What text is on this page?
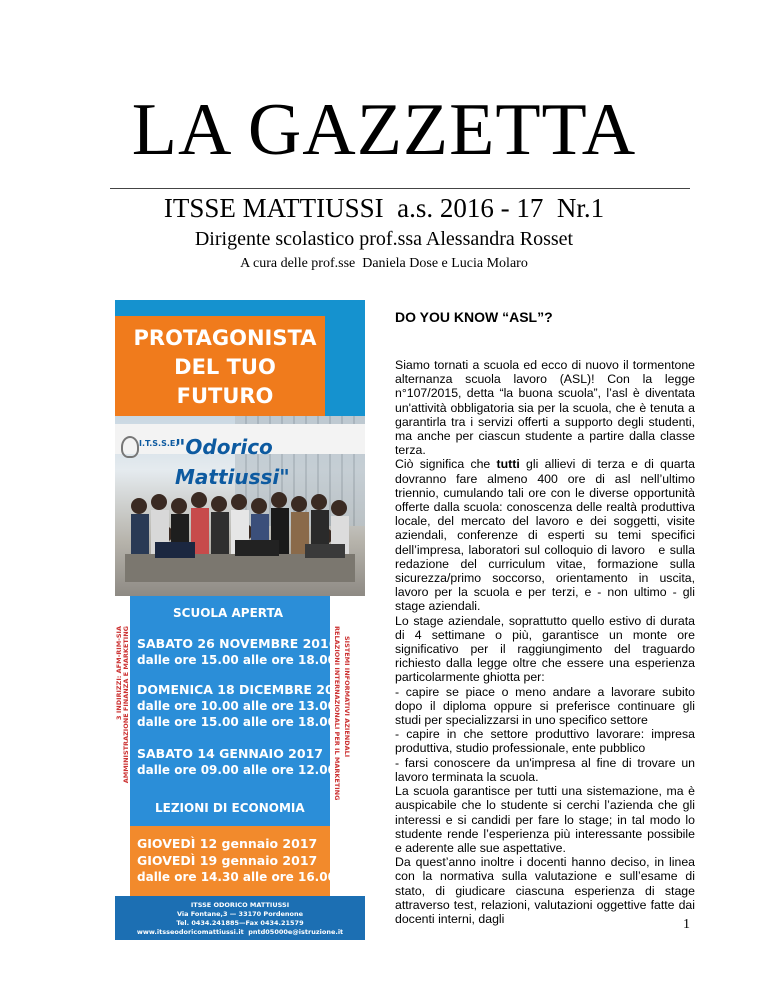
LA GAZZETTA
ITSSE MATTIUSSI  a.s. 2016 - 17  Nr.1
Dirigente scolastico prof.ssa Alessandra Rosset
A cura delle prof.sse  Daniela Dose e Lucia Molaro
PROTAGONISTA
DEL TUO FUTURO
I.T.S.S.E.
"Odorico Mattiussi"
SCUOLA APERTA
SABATO 26 NOVEMBRE 2016
dalle ore 15.00 alle ore 18.00
DOMENICA 18 DICEMBRE 2016
dalle ore 10.00 alle ore 13.00
dalle ore 15.00 alle ore 18.00
SABATO 14 GENNAIO 2017
dalle ore 09.00 alle ore 12.00
LEZIONI DI ECONOMIA
GIOVEDÌ 12 gennaio 2017
GIOVEDÌ 19 gennaio 2017
dalle ore 14.30 alle ore 16.00
3 INDIRIZZI: AFM-RIM-SIA AMMINISTRAZIONE FINANZA E MARKETING	RELAZIONI INTERNAZIONALI PER IL MARKETING SISTEMI INFORMATIVI AZIENDALI
ITSSE ODORICO MATTIUSSI
Via Fontane,3 — 33170 Pordenone
Tel. 0434.241885—Fax 0434.21579
www.itsseodoricomattiussi.it  pntd05000e@istruzione.it
DO YOU KNOW “ASL”?

Siamo tornati a scuola ed ecco di nuovo il tormentone alternanza scuola lavoro (ASL)! Con la legge n°107/2015, detta “la buona scuola”, l’asl è diventata un'attività obbligatoria sia per la scuola, che è tenuta a garantirla tra i servizi offerti a supporto degli studenti, ma anche per ciascun studente a partire dalla classe terza.

Ciò significa che tutti gli allievi di terza e di quarta dovranno fare almeno 400 ore di asl nell’ultimo triennio, cumulando tali ore con le diverse opportunità offerte dalla scuola: conoscenza delle realtà produttiva locale, del mercato del lavoro e dei soggetti, visite aziendali, conferenze di esperti su temi specifici dell’impresa, laboratori sul colloquio di lavoro   e sulla redazione del curriculum vitae, formazione sulla sicurezza/primo soccorso, orientamento in uscita, lavoro per la scuola e per terzi, e - non ultimo - gli stage aziendali.

Lo stage aziendale, soprattutto quello estivo di durata di 4 settimane o più, garantisce un monte ore significativo per il raggiungimento del traguardo richiesto dalla legge oltre che essere una esperienza particolarmente ghiotta per:

- capire se piace o meno andare a lavorare subito dopo il diploma oppure si preferisce continuare gli studi per specializzarsi in uno specifico settore

- capire in che settore produttivo lavorare: impresa produttiva, studio professionale, ente pubblico

- farsi conoscere da un'impresa al fine di trovare un lavoro terminata la scuola.

La scuola garantisce per tutti una sistemazione, ma è auspicabile che lo studente si cerchi l’azienda che gli interessi e si candidi per fare lo stage; in tal modo lo studente rende l’esperienza più interessante possibile e aderente alle sue aspettative.

Da quest’anno inoltre i docenti hanno deciso, in linea con la normativa sulla valutazione e sull’esame di stato, di giudicare ciascuna esperienza di stage attraverso test, relazioni, valutazioni oggettive fatte dai docenti interni, dagli	1
